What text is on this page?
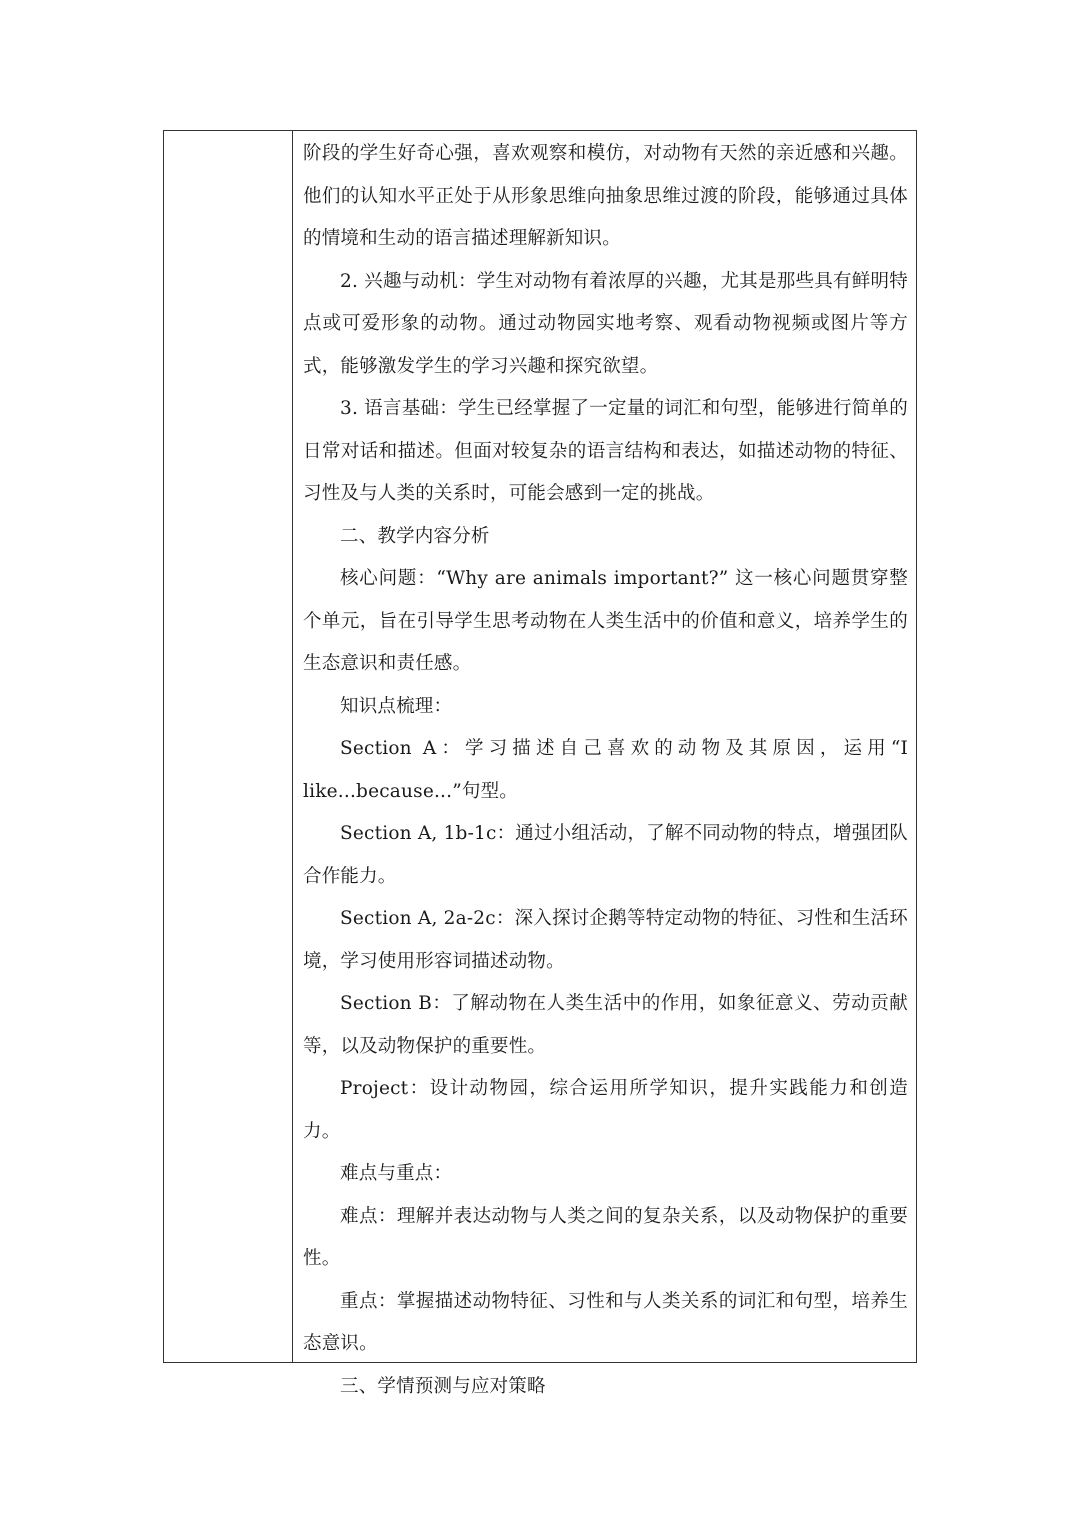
阶段的学生好奇心强，喜欢观察和模仿，对动物有天然的亲近感和兴趣。他们的认知水平正处于从形象思维向抽象思维过渡的阶段，能够通过具体的情境和生动的语言描述理解新知识。

2. 兴趣与动机：学生对动物有着浓厚的兴趣，尤其是那些具有鲜明特点或可爱形象的动物。通过动物园实地考察、观看动物视频或图片等方式，能够激发学生的学习兴趣和探究欲望。

3. 语言基础：学生已经掌握了一定量的词汇和句型，能够进行简单的日常对话和描述。但面对较复杂的语言结构和表达，如描述动物的特征、习性及与人类的关系时，可能会感到一定的挑战。

二、教学内容分析

核心问题：“Why are animals important?” 这一核心问题贯穿整个单元，旨在引导学生思考动物在人类生活中的价值和意义，培养学生的生态意识和责任感。

知识点梳理：

Section A：学习描述自己喜欢的动物及其原因，运用“I like...because...”句型。

Section A, 1b-1c：通过小组活动，了解不同动物的特点，增强团队合作能力。

Section A, 2a-2c：深入探讨企鹅等特定动物的特征、习性和生活环境，学习使用形容词描述动物。

Section B：了解动物在人类生活中的作用，如象征意义、劳动贡献等，以及动物保护的重要性。

Project：设计动物园，综合运用所学知识，提升实践能力和创造力。

难点与重点：

难点：理解并表达动物与人类之间的复杂关系，以及动物保护的重要性。

重点：掌握描述动物特征、习性和与人类关系的词汇和句型，培养生态意识。

三、学情预测与应对策略
